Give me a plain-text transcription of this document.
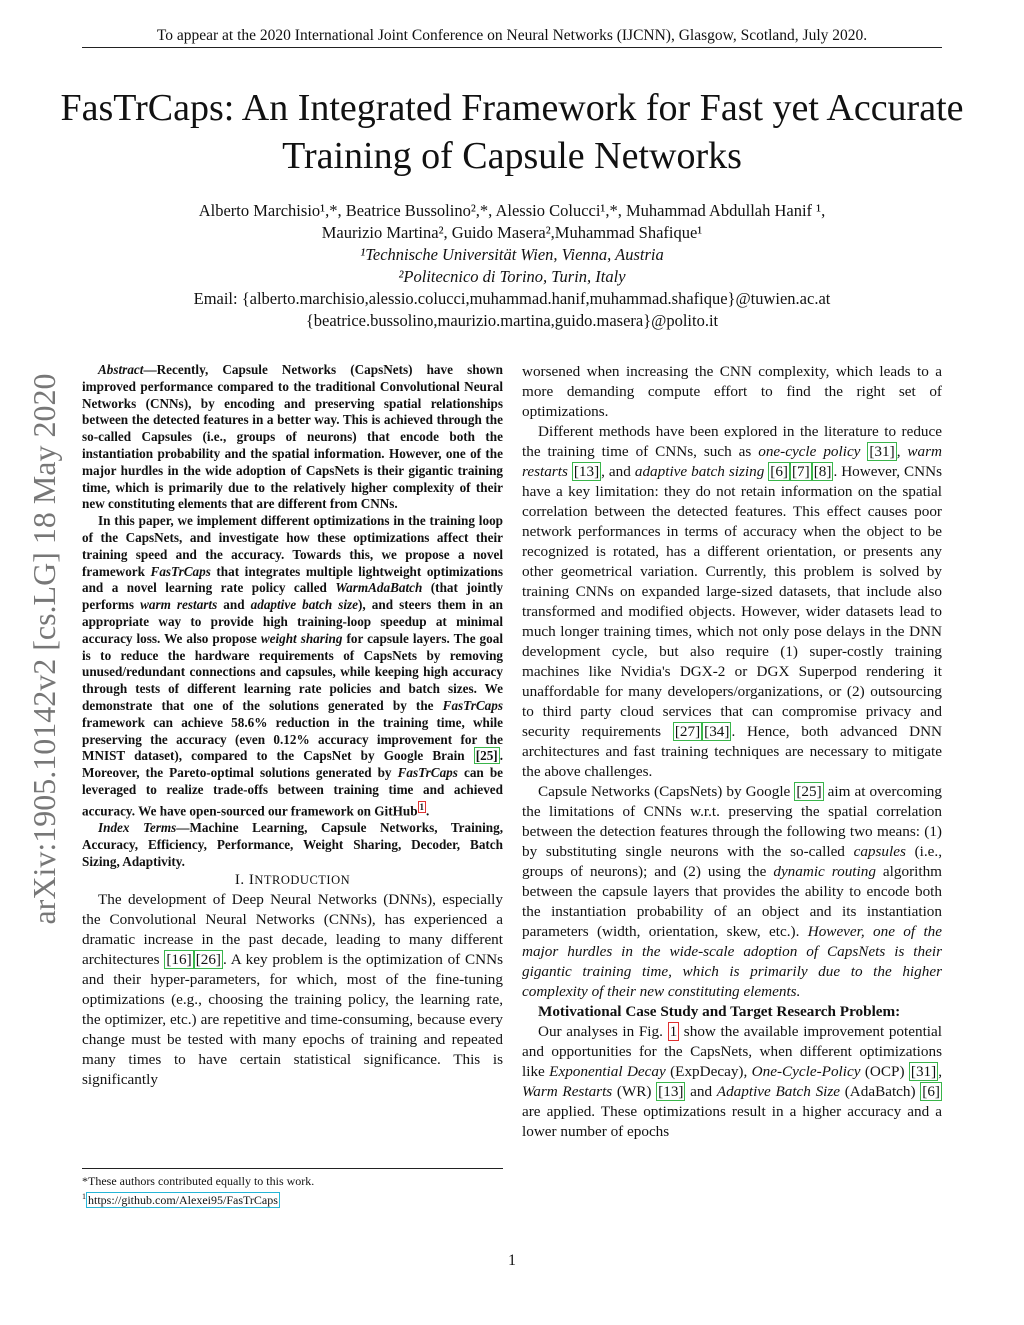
To appear at the 2020 International Joint Conference on Neural Networks (IJCNN), Glasgow, Scotland, July 2020.
FasTrCaps: An Integrated Framework for Fast yet Accurate Training of Capsule Networks
Alberto Marchisio¹,*, Beatrice Bussolino²,*, Alessio Colucci¹,*, Muhammad Abdullah Hanif ¹,
Maurizio Martina², Guido Masera²,Muhammad Shafique¹
¹Technische Universität Wien, Vienna, Austria
²Politecnico di Torino, Turin, Italy
Email: {alberto.marchisio,alessio.colucci,muhammad.hanif,muhammad.shafique}@tuwien.ac.at
{beatrice.bussolino,maurizio.martina,guido.masera}@polito.it
arXiv:1905.10142v2 [cs.LG] 18 May 2020

Abstract—Recently, Capsule Networks (CapsNets) have shown improved performance compared to the traditional Convolutional Neural Networks (CNNs), by encoding and preserving spatial relationships between the detected features in a better way. This is achieved through the so-called Capsules (i.e., groups of neurons) that encode both the instantiation probability and the spatial information. However, one of the major hurdles in the wide adoption of CapsNets is their gigantic training time, which is primarily due to the relatively higher complexity of their new constituting elements that are different from CNNs.

In this paper, we implement different optimizations in the training loop of the CapsNets, and investigate how these optimizations affect their training speed and the accuracy. Towards this, we propose a novel framework FasTrCaps that integrates multiple lightweight optimizations and a novel learning rate policy called WarmAdaBatch (that jointly performs warm restarts and adaptive batch size), and steers them in an appropriate way to provide high training-loop speedup at minimal accuracy loss. We also propose weight sharing for capsule layers. The goal is to reduce the hardware requirements of CapsNets by removing unused/redundant connections and capsules, while keeping high accuracy through tests of different learning rate policies and batch sizes. We demonstrate that one of the solutions generated by the FasTrCaps framework can achieve 58.6% reduction in the training time, while preserving the accuracy (even 0.12% accuracy improvement for the MNIST dataset), compared to the CapsNet by Google Brain [25] . Moreover, the Pareto-optimal solutions generated by FasTrCaps can be leveraged to realize trade-offs between training time and achieved accuracy. We have open-sourced our framework on GitHub $^1$ .

Index Terms—Machine Learning, Capsule Networks, Training, Accuracy, Efficiency, Performance, Weight Sharing, Decoder, Batch Sizing, Adaptivity.

I. INTRODUCTION

The development of Deep Neural Networks (DNNs), especially the Convolutional Neural Networks (CNNs), has experienced a dramatic increase in the past decade, leading to many different architectures [16] [26] . A key problem is the optimization of CNNs and their hyper-parameters, for which, most of the fine-tuning optimizations (e.g., choosing the training policy, the learning rate, the optimizer, etc.) are repetitive and time-consuming, because every change must be tested with many epochs of training and repeated many times to have certain statistical significance. This is significantly

*These authors contributed equally to this work.
$^1$ https://github.com/Alexei95/FasTrCaps

worsened when increasing the CNN complexity, which leads to a more demanding compute effort to find the right set of optimizations.

Different methods have been explored in the literature to reduce the training time of CNNs, such as one-cycle policy [31] , warm restarts [13] , and adaptive batch sizing [6] [7] [8] . However, CNNs have a key limitation: they do not retain information on the spatial correlation between the detected features. This effect causes poor network performances in terms of accuracy when the object to be recognized is rotated, has a different orientation, or presents any other geometrical variation. Currently, this problem is solved by training CNNs on expanded large-sized datasets, that include also transformed and modified objects. However, wider datasets lead to much longer training times, which not only pose delays in the DNN development cycle, but also require (1) super-costly training machines like Nvidia's DGX-2 or DGX Superpod rendering it unaffordable for many developers/organizations, or (2) outsourcing to third party cloud services that can compromise privacy and security requirements [27] [34] . Hence, both advanced DNN architectures and fast training techniques are necessary to mitigate the above challenges.

Capsule Networks (CapsNets) by Google [25] aim at overcoming the limitations of CNNs w.r.t. preserving the spatial correlation between the detection features through the following two means: (1) by substituting single neurons with the so-called capsules (i.e., groups of neurons); and (2) using the dynamic routing algorithm between the capsule layers that provides the ability to encode both the instantiation probability of an object and its instantiation parameters (width, orientation, skew, etc.). However, one of the major hurdles in the wide-scale adoption of CapsNets is their gigantic training time, which is primarily due to the higher complexity of their new constituting elements.

Motivational Case Study and Target Research Problem:

Our analyses in Fig. 1 show the available improvement potential and opportunities for the CapsNets, when different optimizations like Exponential Decay (ExpDecay), One-Cycle-Policy (OCP) [31] , Warm Restarts (WR) [13] and Adaptive Batch Size (AdaBatch) [6] are applied. These optimizations result in a higher accuracy and a lower number of epochs

1
